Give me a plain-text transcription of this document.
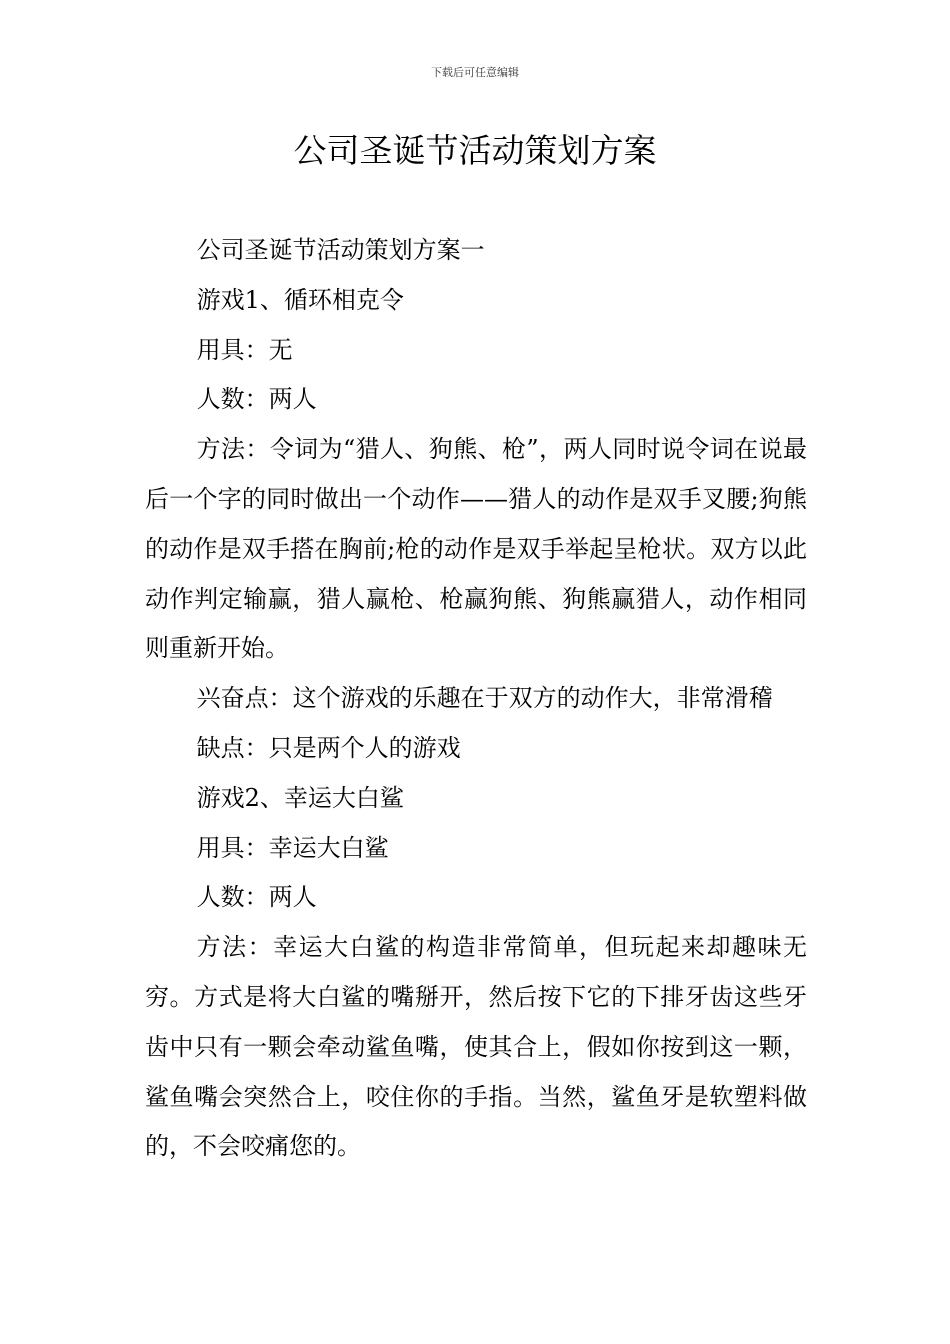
下载后可任意编辑
公司圣诞节活动策划方案

公司圣诞节活动策划方案一

游戏1、循环相克令

用具：无

人数：两人

方法：令词为“猎人、狗熊、枪”，两人同时说令词在说最后一个字的同时做出一个动作——猎人的动作是双手叉腰;狗熊的动作是双手搭在胸前;枪的动作是双手举起呈枪状。双方以此动作判定输赢，猎人赢枪、枪赢狗熊、狗熊赢猎人，动作相同则重新开始。

兴奋点：这个游戏的乐趣在于双方的动作大，非常滑稽

缺点：只是两个人的游戏

游戏2、幸运大白鲨

用具：幸运大白鲨

人数：两人

方法：幸运大白鲨的构造非常简单，但玩起来却趣味无穷。方式是将大白鲨的嘴掰开，然后按下它的下排牙齿这些牙齿中只有一颗会牵动鲨鱼嘴，使其合上，假如你按到这一颗，鲨鱼嘴会突然合上，咬住你的手指。当然，鲨鱼牙是软塑料做的，不会咬痛您的。
